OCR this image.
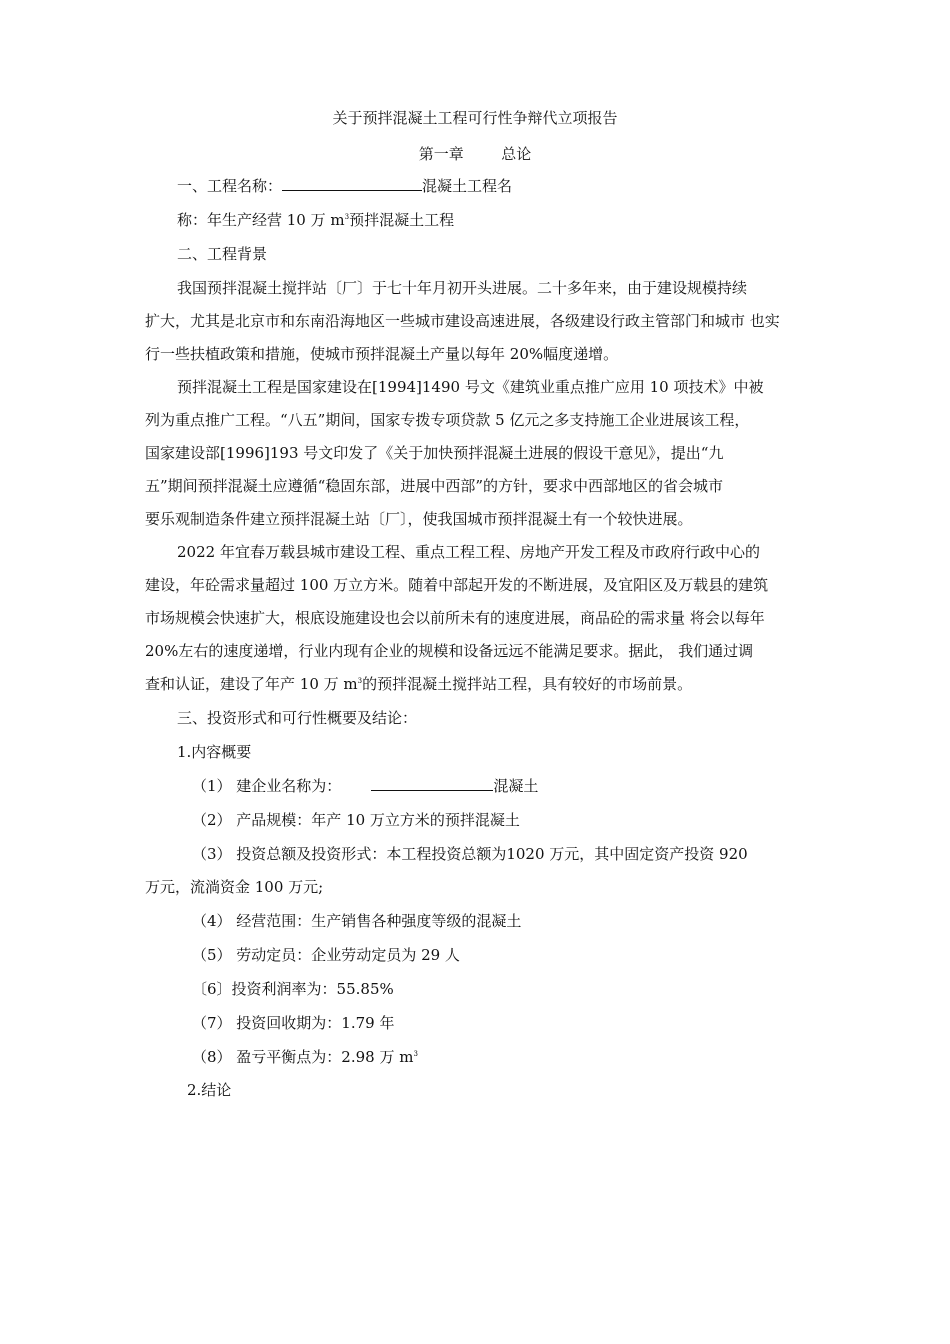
关于预拌混凝土工程可行性争辩代立项报告
第一章	总论
一、工程名称：	混凝土工程名
称：年生产经营 10 万 $m^3$预拌混凝土工程
二、工程背景
我国预拌混凝土搅拌站〔厂〕于七十年月初开头进展。二十多年来，由于建设规模持续
扩大，尤其是北京市和东南沿海地区一些城市建设高速进展，各级建设行政主管部门和城市 也实
行一些扶植政策和措施，使城市预拌混凝土产量以每年 20%幅度递增。
预拌混凝土工程是国家建设在[1994]1490 号文《建筑业重点推广应用 10 项技术》中被
列为重点推广工程。“八五”期间，国家专拨专项贷款 5 亿元之多支持施工企业进展该工程，
国家建设部[1996]193 号文印发了《关于加快预拌混凝土进展的假设干意见》，提出“九
五”期间预拌混凝土应遵循“稳固东部，进展中西部”的方针，要求中西部地区的省会城市
要乐观制造条件建立预拌混凝土站〔厂〕，使我国城市预拌混凝土有一个较快进展。
2022 年宜春万载县城市建设工程、重点工程工程、房地产开发工程及市政府行政中心的
建设，年砼需求量超过 100 万立方米。随着中部起开发的不断进展，及宜阳区及万载县的建筑
市场规模会快速扩大，根底设施建设也会以前所未有的速度进展，商品砼的需求量 将会以每年
20%左右的速度递增，行业内现有企业的规模和设备远远不能满足要求。据此， 我们通过调
查和认证，建设了年产 10 万 $m^3$的预拌混凝土搅拌站工程，具有较好的市场前景。
三、投资形式和可行性概要及结论：
1.内容概要
（1） 建企业名称为：	混凝土
（2） 产品规模：年产 10 万立方米的预拌混凝土
（3） 投资总额及投资形式：本工程投资总额为1020 万元，其中固定资产投资 920
万元，流淌资金 100 万元;
（4） 经营范围：生产销售各种强度等级的混凝土
（5） 劳动定员：企业劳动定员为 29 人
〔6〕投资利润率为：55.85%
（7） 投资回收期为：1.79 年
（8） 盈亏平衡点为：2.98 万 $m^3$
2.结论
